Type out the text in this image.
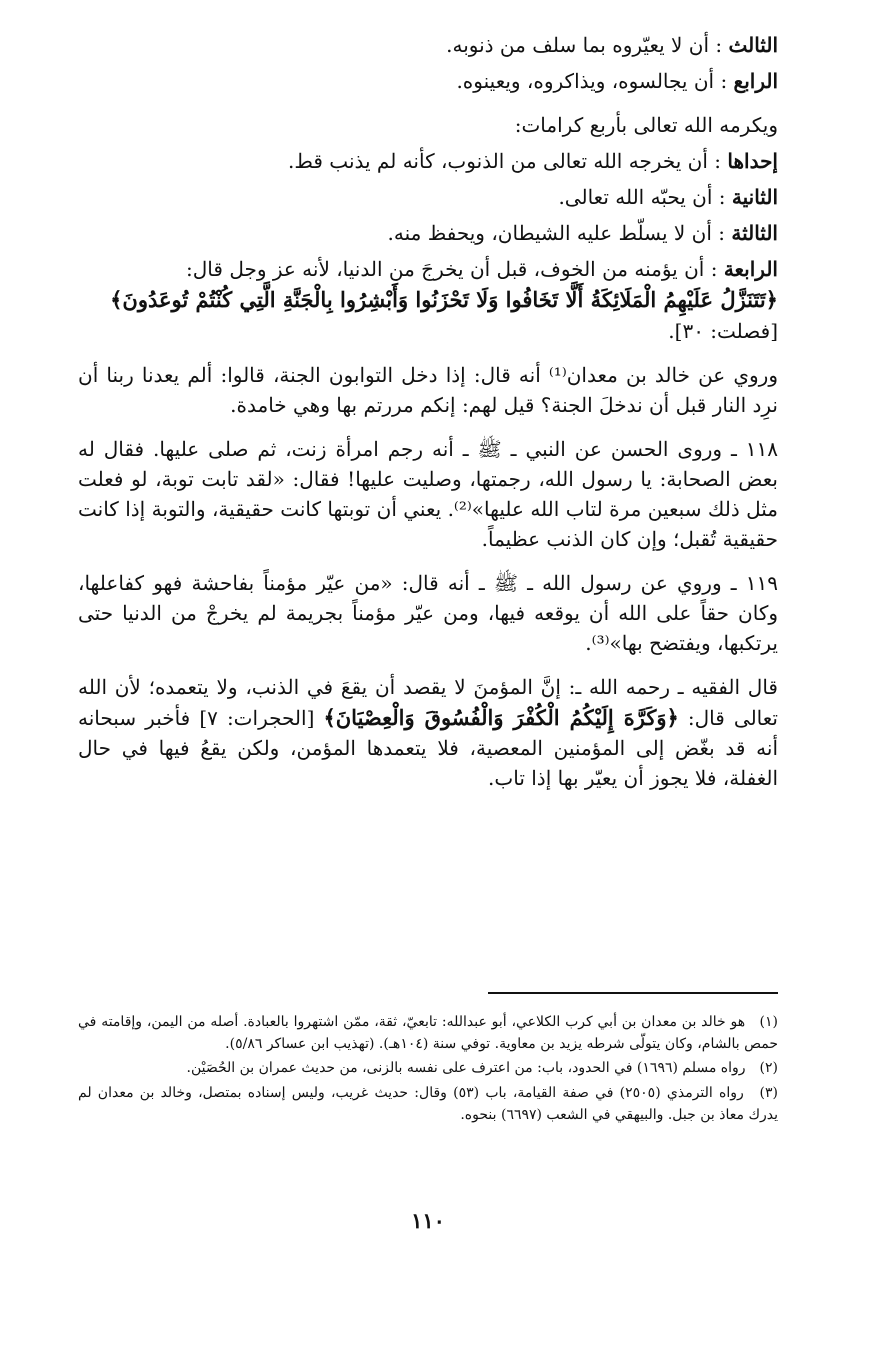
الثالث : أن لا يعيّروه بما سلف من ذنوبه.

الرابع : أن يجالسوه، ويذاكروه، ويعينوه.

ويكرمه الله تعالى بأربع كرامات:

إحداها : أن يخرجه الله تعالى من الذنوب، كأنه لم يذنب قط.

الثانية : أن يحبّه الله تعالى.

الثالثة : أن لا يسلّط عليه الشيطان، ويحفظ منه.

الرابعة : أن يؤمنه من الخوف، قبل أن يخرجَ من الدنيا، لأنه عز وجل قال:

﴿تَتَنَزَّلُ عَلَيْهِمُ الْمَلَائِكَةُ أَلَّا تَخَافُوا وَلَا تَحْزَنُوا وَأَبْشِرُوا بِالْجَنَّةِ الَّتِي كُنْتُمْ تُوعَدُونَ﴾

[فصلت: ٣٠].

وروي عن خالد بن معدان⁽¹⁾ أنه قال: إذا دخل التوابون الجنة، قالوا: ألم يعدنا ربنا أن نرِد النار قبل أن ندخلَ الجنة؟ قيل لهم: إنكم مررتم بها وهي خامدة.

١١٨ ـ وروى الحسن عن النبي ـ ﷺ ـ أنه رجم امرأة زنت، ثم صلى عليها. فقال له بعض الصحابة: يا رسول الله، رجمتها، وصليت عليها! فقال: «لقد تابت توبة، لو فعلت مثل ذلك سبعين مرة لتاب الله عليها»⁽²⁾. يعني أن توبتها كانت حقيقية، والتوبة إذا كانت حقيقية تُقبل؛ وإن كان الذنب عظيماً.

١١٩ ـ وروي عن رسول الله ـ ﷺ ـ أنه قال: «من عيّر مؤمناً بفاحشة فهو كفاعلها، وكان حقاً على الله أن يوقعه فيها، ومن عيّر مؤمناً بجريمة لم يخرجْ من الدنيا حتى يرتكبها، ويفتضح بها»⁽³⁾.

قال الفقيه ـ رحمه الله ـ: إنَّ المؤمنَ لا يقصد أن يقعَ في الذنب، ولا يتعمده؛ لأن الله تعالى قال: ﴿وَكَرَّهَ إِلَيْكُمُ الْكُفْرَ وَالْفُسُوقَ وَالْعِصْيَانَ﴾ [الحجرات: ٧] فأخبر سبحانه أنه قد بغّض إلى المؤمنين المعصية، فلا يتعمدها المؤمن، ولكن يقعُ فيها في حال الغفلة، فلا يجوز أن يعيّر بها إذا تاب.

(١) هو خالد بن معدان بن أبي كرب الكلاعي، أبو عبدالله: تابعيّ، ثقة، ممّن اشتهروا بالعبادة. أصله من اليمن، وإقامته في حمص بالشام، وكان يتولّى شرطه يزيد بن معاوية. توفي سنة (١٠٤هـ). (تهذيب ابن عساكر ٥/٨٦).

(٢) رواه مسلم (١٦٩٦) في الحدود، باب: من اعترف على نفسه بالزنى، من حديث عمران بن الحُصَيْن.

(٣) رواه الترمذي (٢٥٠٥) في صفة القيامة، باب (٥٣) وقال: حديث غريب، وليس إسناده بمتصل، وخالد بن معدان لم يدرك معاذ بن جبل. والبيهقي في الشعب (٦٦٩٧) بنحوه.

١١٠
